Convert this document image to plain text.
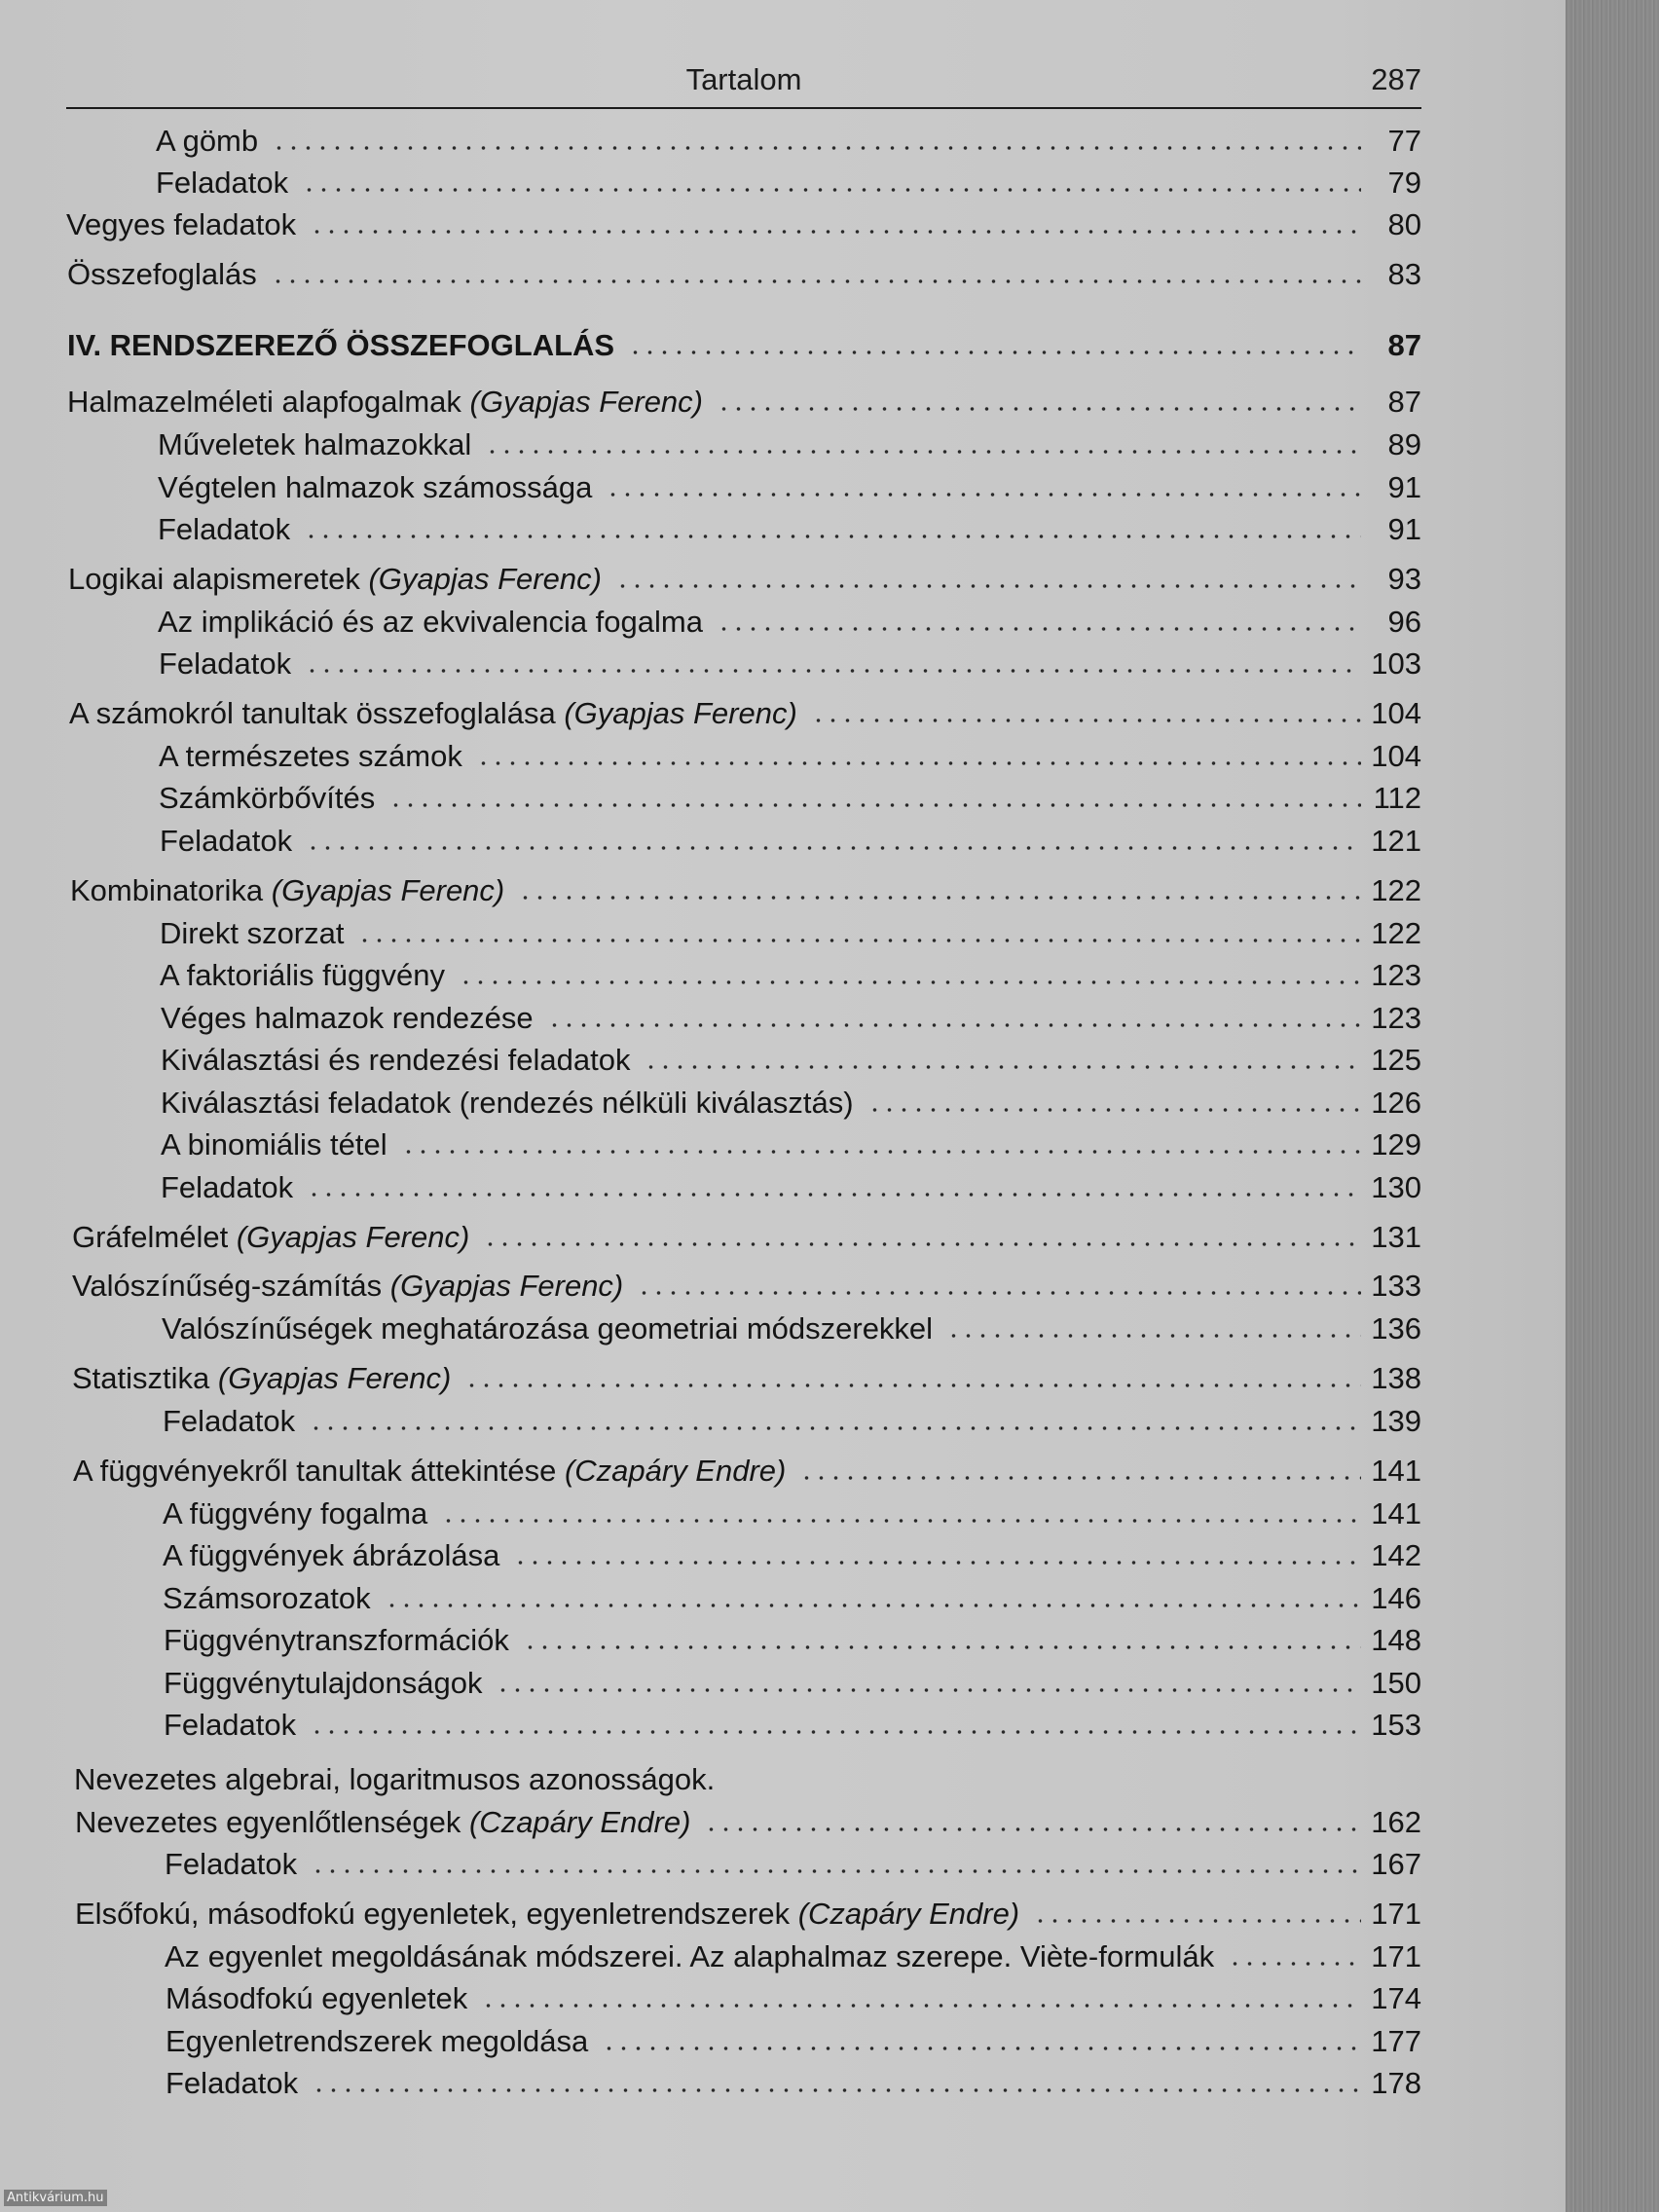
Tartalom	287
A gömb	77
Feladatok	79
Vegyes feladatok	80
Összefoglalás	83
IV. RENDSZEREZŐ ÖSSZEFOGLALÁS	87
Halmazelméleti alapfogalmak (Gyapjas Ferenc)	87
Műveletek halmazokkal	89
Végtelen halmazok számossága	91
Feladatok	91
Logikai alapismeretek (Gyapjas Ferenc)	93
Az implikáció és az ekvivalencia fogalma	96
Feladatok	103
A számokról tanultak összefoglalása (Gyapjas Ferenc)	104
A természetes számok	104
Számkörbővítés	112
Feladatok	121
Kombinatorika (Gyapjas Ferenc)	122
Direkt szorzat	122
A faktoriális függvény	123
Véges halmazok rendezése	123
Kiválasztási és rendezési feladatok	125
Kiválasztási feladatok (rendezés nélküli kiválasztás)	126
A binomiális tétel	129
Feladatok	130
Gráfelmélet (Gyapjas Ferenc)	131
Valószínűség-számítás (Gyapjas Ferenc)	133
Valószínűségek meghatározása geometriai módszerekkel	136
Statisztika (Gyapjas Ferenc)	138
Feladatok	139
A függvényekről tanultak áttekintése (Czapáry Endre)	141
A függvény fogalma	141
A függvények ábrázolása	142
Számsorozatok	146
Függvénytranszformációk	148
Függvénytulajdonságok	150
Feladatok	153
Nevezetes algebrai, logaritmusos azonosságok.
Nevezetes egyenlőtlenségek (Czapáry Endre)	162
Feladatok	167
Elsőfokú, másodfokú egyenletek, egyenletrendszerek (Czapáry Endre)	171
Az egyenlet megoldásának módszerei. Az alaphalmaz szerepe. Viète-formulák	171
Másodfokú egyenletek	174
Egyenletrendszerek megoldása	177
Feladatok	178
Antikvárium.hu
